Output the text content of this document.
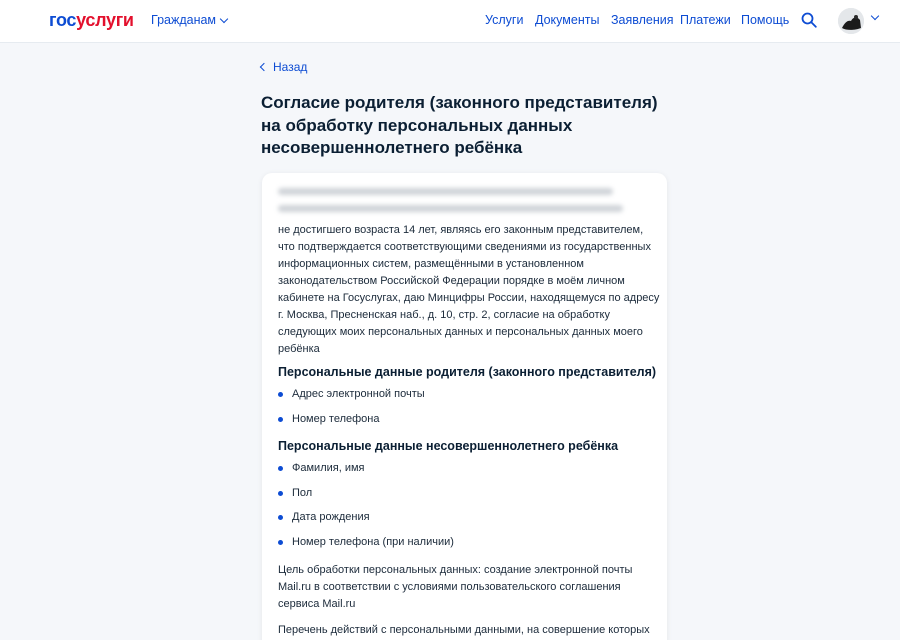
госуслуги Гражданам	Услуги Документы Заявления Платежи Помощь
Назад
Согласие родителя (законного представителя)
на обработку персональных данных
несовершеннолетнего ребёнка
не достигшего возраста 14 лет, являясь его законным представителем,
что подтверждается соответствующими сведениями из государственных
информационных систем, размещёнными в установленном
законодательством Российской Федерации порядке в моём личном
кабинете на Госуслугах, даю Минцифры России, находящемуся по адресу
г. Москва, Пресненская наб., д. 10, стр. 2, согласие на обработку
следующих моих персональных данных и персональных данных моего
ребёнка
Персональные данные родителя (законного представителя)
Адрес электронной почты
Номер телефона
Персональные данные несовершеннолетнего ребёнка
Фамилия, имя
Пол
Дата рождения
Номер телефона (при наличии)
Цель обработки персональных данных: создание электронной почты
Mail.ru в соответствии с условиями пользовательского соглашения
сервиса Mail.ru
Перечень действий с персональными данными, на совершение которых
